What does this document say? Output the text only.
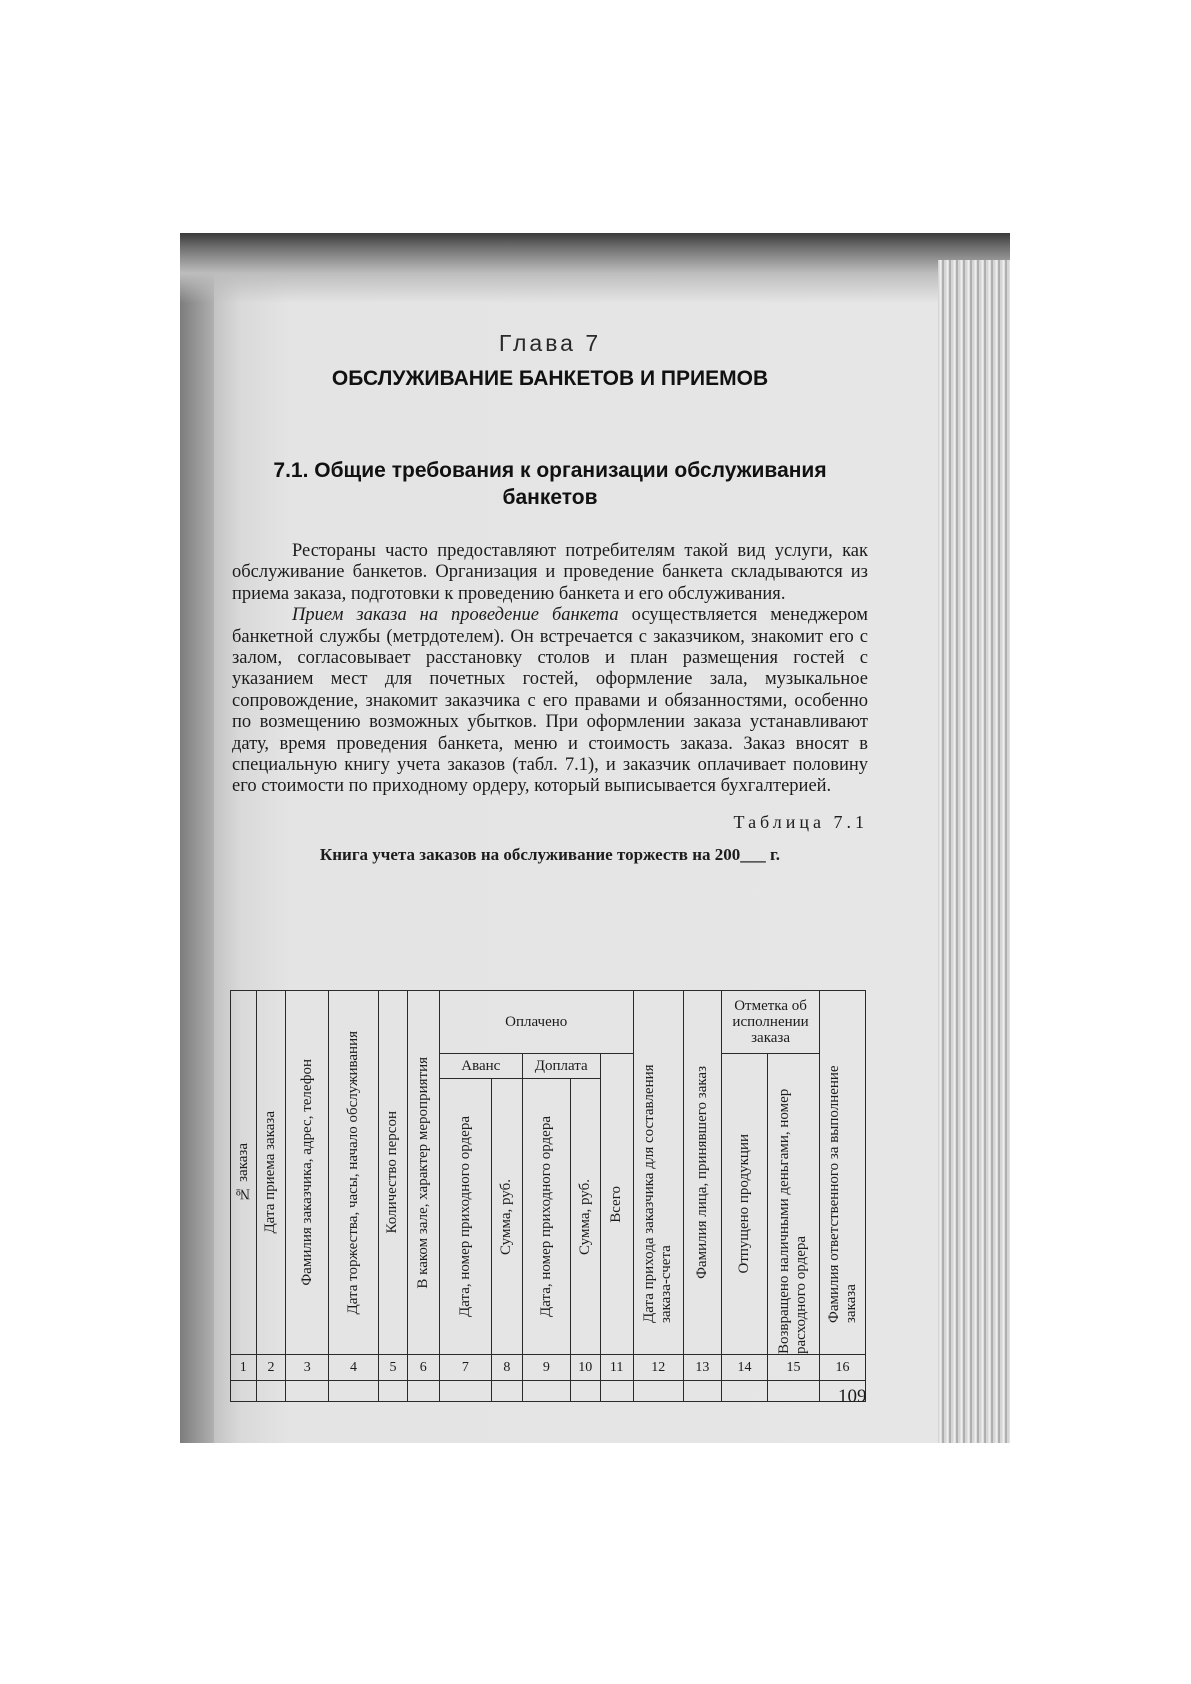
Глава 7

ОБСЛУЖИВАНИЕ БАНКЕТОВ И ПРИЕМОВ

7.1. Общие требования к организации обслуживания банкетов

Рестораны часто предоставляют потребителям такой вид услуги, как обслуживание банкетов. Организация и проведение банкета складываются из приема заказа, подготовки к проведению банкета и его обслуживания.

Прием заказа на проведение банкета осуществляется менеджером банкетной службы (метрдотелем). Он встречается с заказчиком, знакомит его с залом, согласовывает расстановку столов и план размещения гостей с указанием мест для почетных гостей, оформление зала, музыкальное сопровождение, знакомит заказчика с его правами и обязанностями, особенно по возмещению возможных убытков. При оформлении заказа устанавливают дату, время проведения банкета, меню и стоимость заказа. Заказ вносят в специальную книгу учета заказов (табл. 7.1), и заказчик оплачивает половину его стоимости по приходному ордеру, который выписывается бухгалтерией.

Таблица 7.1

Книга учета заказов на обслуживание торжеств на 200___ г.

№ заказа	Дата приема заказа	Фамилия заказчика, адрес, телефон	Дата торжества, часы, начало обслуживания	Количество персон	В каком зале, характер мероприятия	Оплачено					Дата прихода заказчика для составления заказа-счета	Фамилия лица, принявшего заказ	Отметка об исполнении заказа		Фамилия ответственного за выполнение заказа

						Аванс		Доплата		Всего			Отпущено продукции	Возвращено наличными деньгами, номер расходного ордера	

						Дата, номер приходного ордера	Сумма, руб.	Дата, номер приходного ордера	Сумма, руб.						

1	2	3	4	5	6	7	8	9	10	11	12	13	14	15	16

109
